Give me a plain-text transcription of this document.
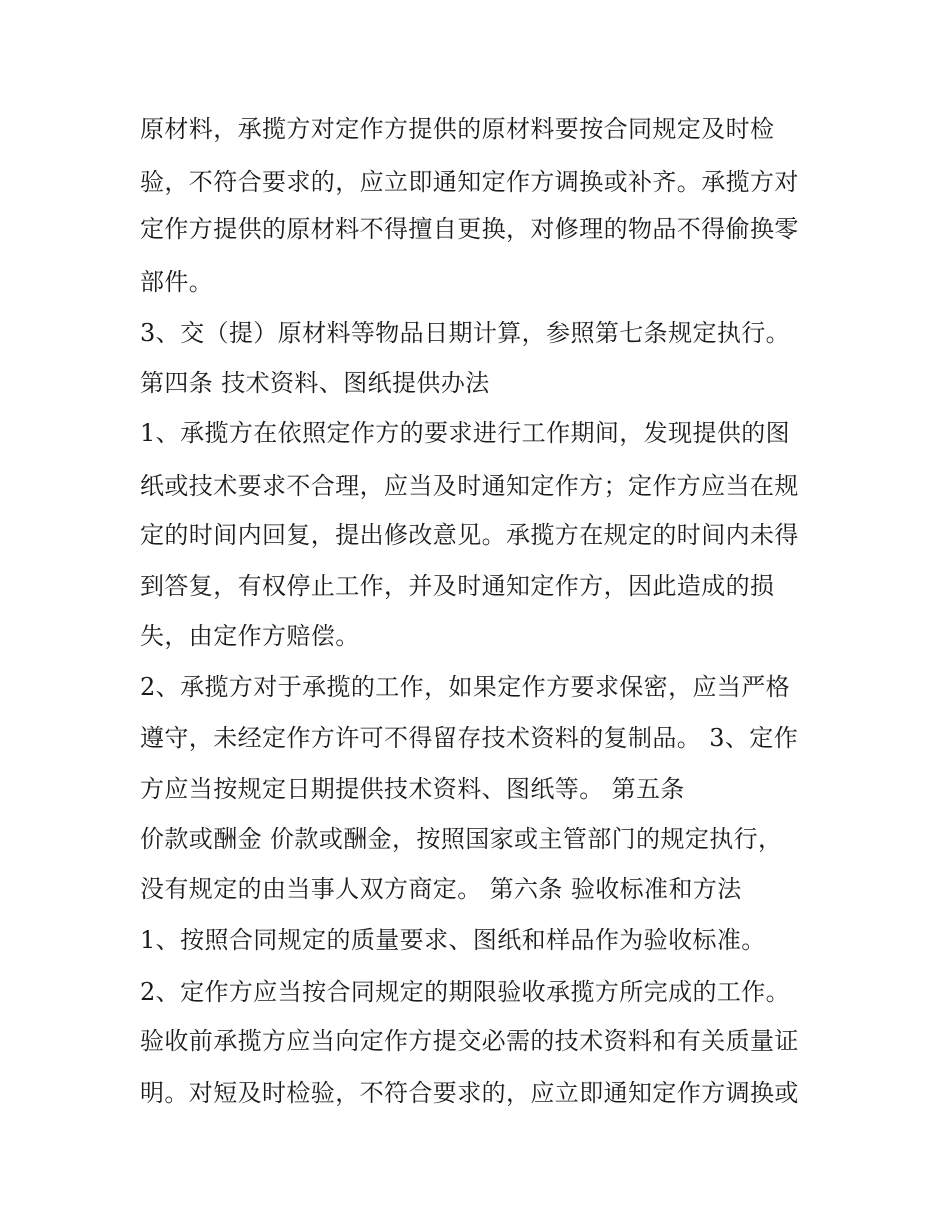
原材料，承揽方对定作方提供的原材料要按合同规定及时检

验，不符合要求的，应立即通知定作方调换或补齐。承揽方对

定作方提供的原材料不得擅自更换，对修理的物品不得偷换零

部件。

3、交（提）原材料等物品日期计算，参照第七条规定执行。

第四条 技术资料、图纸提供办法

1、承揽方在依照定作方的要求进行工作期间，发现提供的图

纸或技术要求不合理，应当及时通知定作方；定作方应当在规

定的时间内回复，提出修改意见。承揽方在规定的时间内未得

到答复，有权停止工作，并及时通知定作方，因此造成的损

失，由定作方赔偿。

2、承揽方对于承揽的工作，如果定作方要求保密，应当严格

遵守，未经定作方许可不得留存技术资料的复制品。 3、定作

方应当按规定日期提供技术资料、图纸等。 第五条

价款或酬金 价款或酬金，按照国家或主管部门的规定执行，

没有规定的由当事人双方商定。 第六条 验收标准和方法

1、按照合同规定的质量要求、图纸和样品作为验收标准。

2、定作方应当按合同规定的期限验收承揽方所完成的工作。

验收前承揽方应当向定作方提交必需的技术资料和有关质量证

明。对短及时检验，不符合要求的，应立即通知定作方调换或
